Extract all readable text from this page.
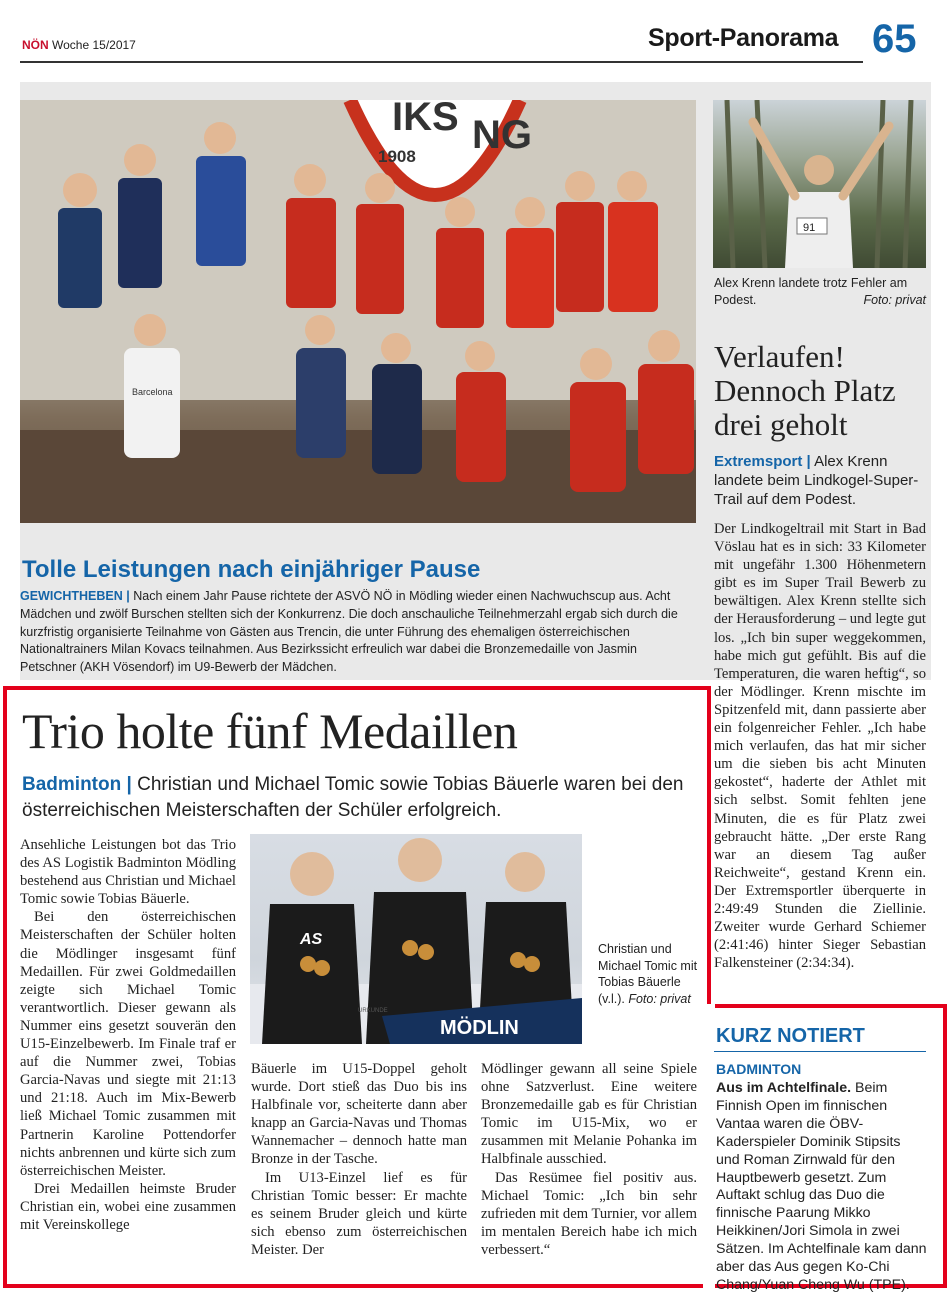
NÖN Woche 15/2017	Sport-Panorama 65
IKS NG
1908
Barcelona
Tolle Leistungen nach einjähriger Pause
GEWICHTHEBEN | Nach einem Jahr Pause richtete der ASVÖ NÖ in Mödling wieder einen Nachwuchscup aus. Acht Mädchen und zwölf Burschen stellten sich der Konkurrenz. Die doch anschauliche Teilnehmerzahl ergab sich durch die kurzfristig organisierte Teilnahme von Gästen aus Trencin, die unter Führung des ehemaligen österreichischen Nationaltrainers Milan Kovacs teilnahmen. Aus Bezirkssicht erfreulich war dabei die Bronzemedaille von Jasmin Petschner (AKH Vösendorf) im U9-Bewerb der Mädchen.
91
Alex Krenn landete trotz Fehler am Podest.	Foto: privat
Verlaufen! Dennoch Platz drei geholt
Extremsport | Alex Krenn landete beim Lindkogel-Super-Trail auf dem Podest.

Der Lindkogeltrail mit Start in Bad Vöslau hat es in sich: 33 Kilometer mit ungefähr 1.300 Höhenmetern gibt es im Super Trail Bewerb zu bewältigen. Alex Krenn stellte sich der Herausforderung – und legte gut los. „Ich bin super weggekommen, habe mich gut gefühlt. Bis auf die Temperaturen, die waren heftig“, so der Mödlinger. Krenn mischte im Spitzenfeld mit, dann passierte aber ein folgenreicher Fehler. „Ich habe mich verlaufen, das hat mir sicher um die sieben bis acht Minuten gekostet“, haderte der Athlet mit sich selbst. Somit fehlten jene Minuten, die es für Platz zwei gebraucht hätte. „Der erste Rang war an diesem Tag außer Reichweite“, gestand Krenn ein. Der Extremsportler überquerte in 2:49:49 Stunden die Ziellinie. Zweiter wurde Gerhard Schiemer (2:41:46) hinter Sieger Sebastian Falkensteiner (2:34:34).

Trio holte fünf Medaillen
Badminton | Christian und Michael Tomic sowie Tobias Bäuerle waren bei den österreichischen Meisterschaften der Schüler erfolgreich.

Ansehliche Leistungen bot das Trio des AS Logistik Badminton Mödling bestehend aus Christian und Michael Tomic sowie Tobias Bäuerle.

Bei den österreichischen Meisterschaften der Schüler holten die Mödlinger insgesamt fünf Medaillen. Für zwei Goldmedaillen zeigte sich Michael Tomic verantwortlich. Dieser gewann als Nummer eins gesetzt souverän den U15-Einzelbewerb. Im Finale traf er auf die Nummer zwei, Tobias Garcia-Navas und siegte mit 21:13 und 21:18. Auch im Mix-Bewerb ließ Michael Tomic zusammen mit Partnerin Karoline Pottendorfer nichts anbrennen und kürte sich zum österreichischen Meister.

Drei Medaillen heimste Bruder Christian ein, wobei eine zusammen mit Vereinskollege

AS
MÖDLIN
URKUNDE
Christian und Michael Tomic mit Tobias Bäuerle (v.l.). Foto: privat

Bäuerle im U15-Doppel geholt wurde. Dort stieß das Duo bis ins Halbfinale vor, scheiterte dann aber knapp an Garcia-Navas und Thomas Wannemacher – dennoch hatte man Bronze in der Tasche.

Im U13-Einzel lief es für Christian Tomic besser: Er machte es seinem Bruder gleich und kürte sich ebenso zum österreichischen Meister. Der

Mödlinger gewann all seine Spiele ohne Satzverlust. Eine weitere Bronzemedaille gab es für Christian Tomic im U15-Mix, wo er zusammen mit Melanie Pohanka im Halbfinale ausschied.

Das Resümee fiel positiv aus. Michael Tomic: „Ich bin sehr zufrieden mit dem Turnier, vor allem im mentalen Bereich habe ich mich verbessert.“

KURZ NOTIERT
BADMINTON
Aus im Achtelfinale. Beim Finnish Open im finnischen Vantaa waren die ÖBV-Kaderspieler Dominik Stipsits und Roman Zirnwald für den Hauptbewerb gesetzt. Zum Auftakt schlug das Duo die finnische Paarung Mikko Heikkinen/Jori Simola in zwei Sätzen. Im Achtelfinale kam dann aber das Aus gegen Ko-Chi Chang/Yuan Cheng Wu (TPE).
